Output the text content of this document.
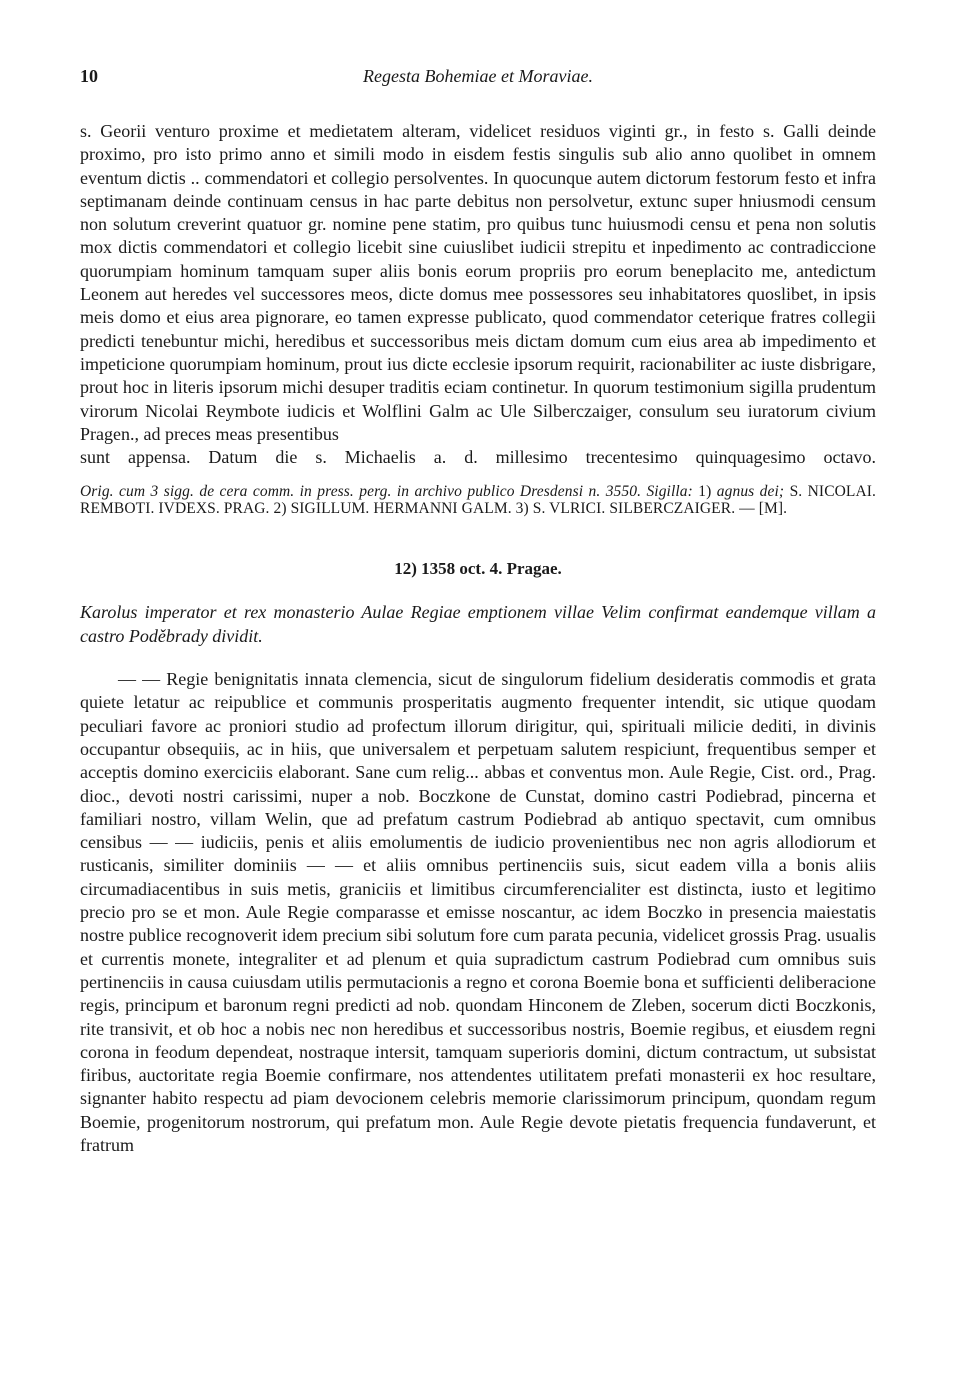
10	Regesta Bohemiae et Moraviae.

s. Georii venturo proxime et medietatem alteram, videlicet residuos viginti gr., in festo s. Galli deinde proximo, pro isto primo anno et simili modo in eisdem festis singulis sub alio anno quolibet in omnem eventum dictis .. commendatori et collegio persolventes. In quocunque autem dictorum festorum festo et infra septimanam deinde continuam census in hac parte debitus non persolvetur, extunc super hniusmodi censum non solutum creverint quatuor gr. nomine pene statim, pro quibus tunc huiusmodi censu et pena non solutis mox dictis commendatori et collegio licebit sine cuiuslibet iudicii strepitu et inpedimento ac contradiccione quorumpiam hominum tamquam super aliis bonis eorum propriis pro eorum beneplacito me, antedictum Leonem aut heredes vel successores meos, dicte domus mee possessores seu inhabitatores quoslibet, in ipsis meis domo et eius area pignorare, eo tamen expresse publicato, quod commendator ceterique fratres collegii predicti tenebuntur michi, heredibus et successoribus meis dictam domum cum eius area ab impedimento et impeticione quorumpiam hominum, prout ius dicte ecclesie ipsorum requirit, racionabiliter ac iuste disbrigare, prout hoc in literis ipsorum michi desuper traditis eciam continetur. In quorum testimonium sigilla prudentum virorum Nicolai Reymbote iudicis et Wolflini Galm ac Ule Silberczaiger, consulum seu iuratorum civium Pragen., ad preces meas presentibus
sunt appensa. Datum die s. Michaelis a. d. millesimo trecentesimo quinquagesimo octavo.

Orig. cum 3 sigg. de cera comm. in press. perg. in archivo publico Dresdensi n. 3550. Sigilla: 1) agnus dei; S. NICOLAI. REMBOTI. IVDEXS. PRAG. 2) SIGILLUM. HERMANNI GALM. 3) S. VLRICI. SILBERCZAIGER. — [M].

12) 1358 oct. 4. Pragae.

Karolus imperator et rex monasterio Aulae Regiae emptionem villae Velim confirmat eandemque villam a castro Poděbrady dividit.

— — Regie benignitatis innata clemencia, sicut de singulorum fidelium desideratis commodis et grata quiete letatur ac reipublice et communis prosperitatis augmento frequenter intendit, sic utique quodam peculiari favore ac proniori studio ad profectum illorum dirigitur, qui, spirituali milicie dediti, in divinis occupantur obsequiis, ac in hiis, que universalem et perpetuam salutem respiciunt, frequentibus semper et acceptis domino exerciciis elaborant. Sane cum relig... abbas et conventus mon. Aule Regie, Cist. ord., Prag. dioc., devoti nostri carissimi, nuper a nob. Boczkone de Cunstat, domino castri Podiebrad, pincerna et familiari nostro, villam Welin, que ad prefatum castrum Podiebrad ab antiquo spectavit, cum omnibus censibus — — iudiciis, penis et aliis emolumentis de iudicio provenientibus nec non agris allodiorum et rusticanis, similiter dominiis — — et aliis omnibus pertinenciis suis, sicut eadem villa a bonis aliis circumadiacentibus in suis metis, graniciis et limitibus circumferencialiter est distincta, iusto et legitimo precio pro se et mon. Aule Regie comparasse et emisse noscantur, ac idem Boczko in presencia maiestatis nostre publice recognoverit idem precium sibi solutum fore cum parata pecunia, videlicet grossis Prag. usualis et currentis monete, integraliter et ad plenum et quia supradictum castrum Podiebrad cum omnibus suis pertinenciis in causa cuiusdam utilis permutacionis a regno et corona Boemie bona et sufficienti deliberacione regis, principum et baronum regni predicti ad nob. quondam Hinconem de Zleben, socerum dicti Boczkonis, rite transivit, et ob hoc a nobis nec non heredibus et successoribus nostris, Boemie regibus, et eiusdem regni corona in feodum dependeat, nostraque intersit, tamquam superioris domini, dictum contractum, ut subsistat firibus, auctoritate regia Boemie confirmare, nos attendentes utilitatem prefati monasterii ex hoc resultare, signanter habito respectu ad piam devocionem celebris memorie clarissimorum principum, quondam regum Boemie, progenitorum nostrorum, qui prefatum mon. Aule Regie devote pietatis frequencia fundaverunt, et fratrum
